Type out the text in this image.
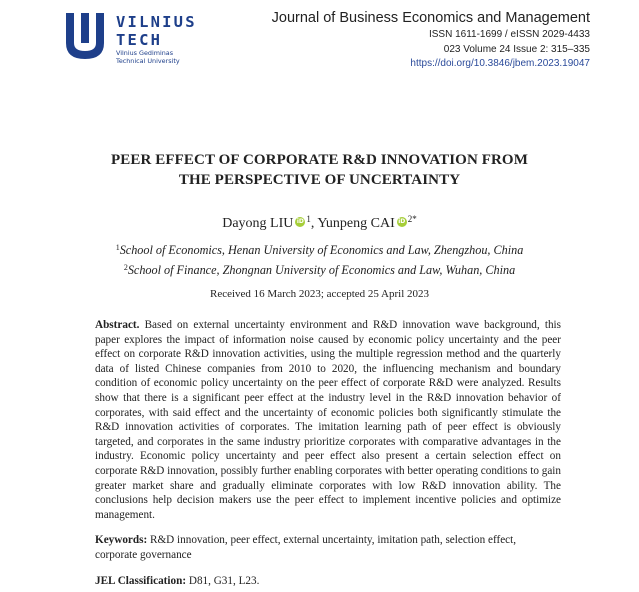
VILNIUS
TECH
Vilnius Gediminas
Technical University
Journal of Business Economics and Management
ISSN 1611-1699 / eISSN 2029-4433
023 Volume 24 Issue 2: 315–335
https://doi.org/10.3846/jbem.2023.19047
PEER EFFECT OF CORPORATE R&D INNOVATION FROM
THE PERSPECTIVE OF UNCERTAINTY
Dayong LIU iD $^1$, Yunpeng CAI iD $^{2*}$
$^1$School of Economics, Henan University of Economics and Law, Zhengzhou, China
$^2$School of Finance, Zhongnan University of Economics and Law, Wuhan, China
Received 16 March 2023; accepted 25 April 2023

Abstract. Based on external uncertainty environment and R&D innovation wave background, this paper explores the impact of information noise caused by economic policy uncertainty and the peer effect on corporate R&D innovation activities, using the multiple regression method and the quarterly data of listed Chinese companies from 2010 to 2020, the influencing mechanism and boundary condition of economic policy uncertainty on the peer effect of corporate R&D were analyzed. Results show that there is a significant peer effect at the industry level in the R&D innovation behavior of corporates, with said effect and the uncertainty of economic policies both significantly stimulate the R&D innovation activities of corporates. The imitation learning path of peer effect is obviously targeted, and corporates in the same industry prioritize corporates with comparative advantages in the industry. Economic policy uncertainty and peer effect also present a certain selection effect on corporate R&D innovation, possibly further enabling corporates with better operating conditions to gain greater market share and gradually eliminate corporates with low R&D innovation ability. The conclusions help decision makers use the peer effect to implement incentive policies and optimize management.

Keywords: R&D innovation, peer effect, external uncertainty, imitation path, selection effect, corporate governance

JEL Classification: D81, G31, L23.
